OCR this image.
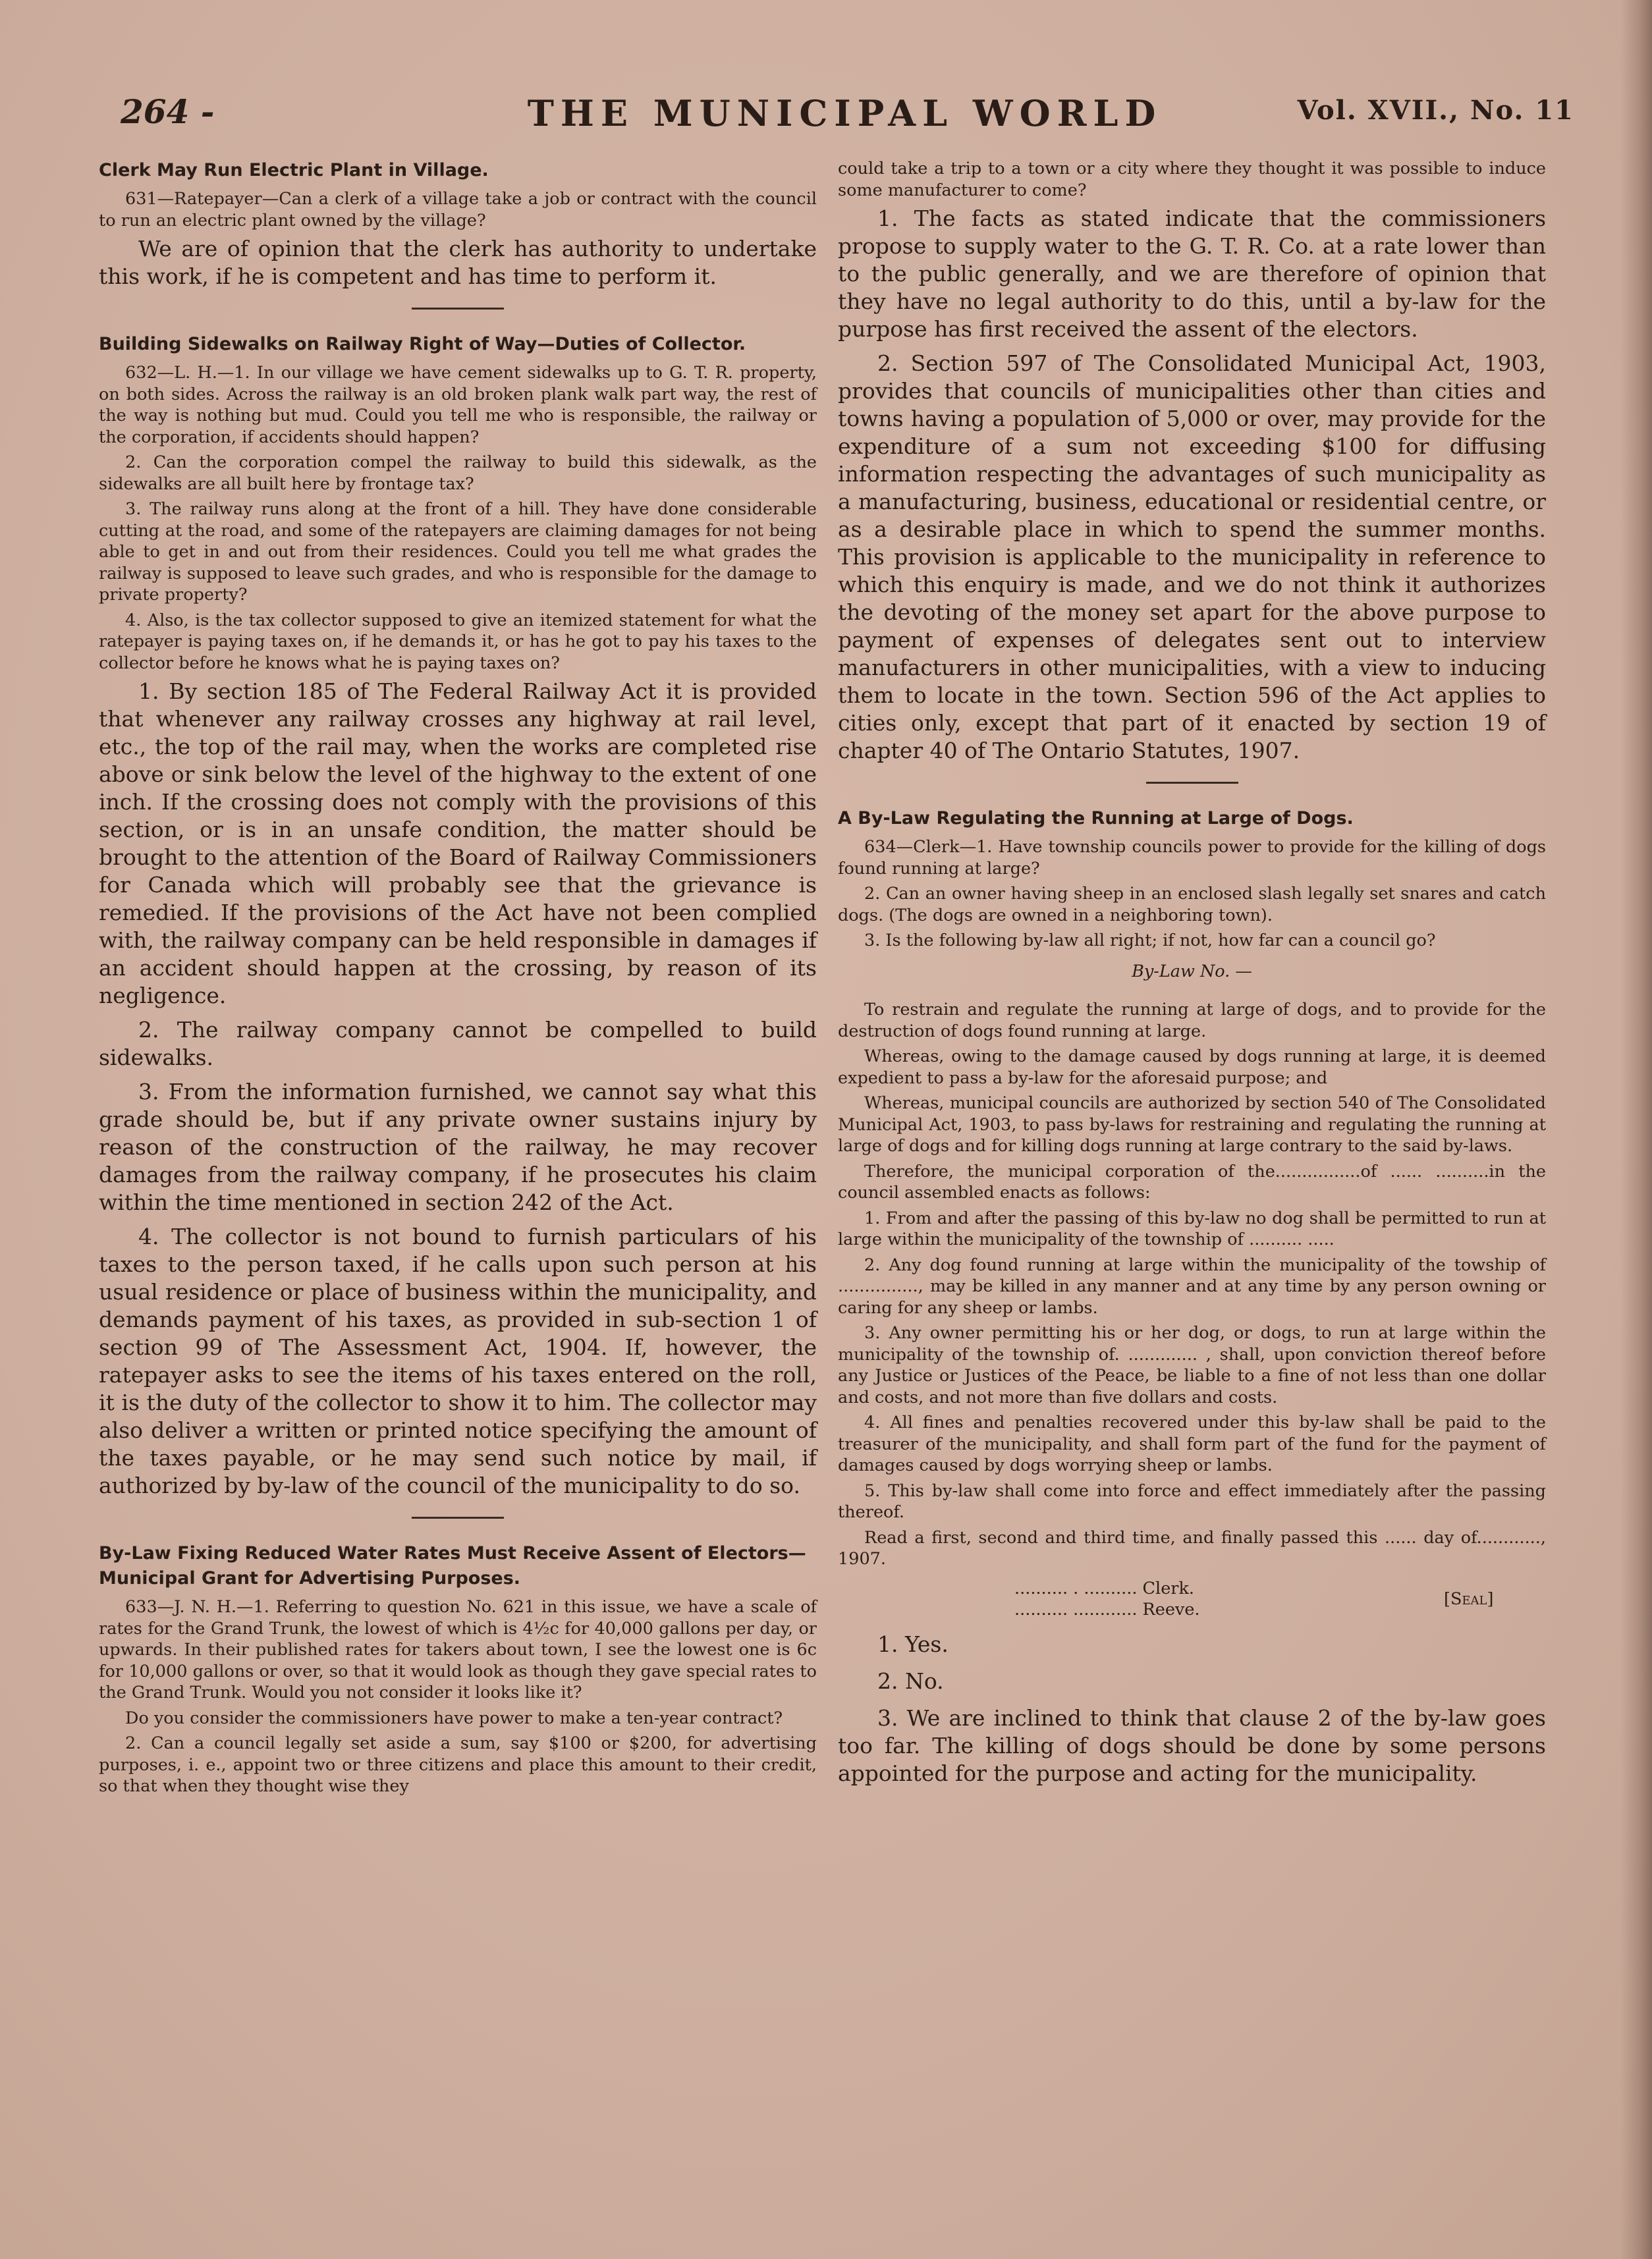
264 -	THE MUNICIPAL WORLD	Vol. XVII., No. 11
Clerk May Run Electric Plant in Village.

631—Ratepayer—Can a clerk of a village take a job or contract with the council to run an electric plant owned by the village?

We are of opinion that the clerk has authority to undertake this work, if he is competent and has time to perform it.

Building Sidewalks on Railway Right of Way—Duties of Collector.

632—L. H.—1. In our village we have cement sidewalks up to G. T. R. property, on both sides. Across the railway is an old broken plank walk part way, the rest of the way is nothing but mud. Could you tell me who is responsible, the railway or the corporation, if accidents should happen?

2. Can the corporation compel the railway to build this sidewalk, as the sidewalks are all built here by frontage tax?

3. The railway runs along at the front of a hill. They have done considerable cutting at the road, and some of the ratepayers are claiming damages for not being able to get in and out from their residences. Could you tell me what grades the railway is supposed to leave such grades, and who is responsible for the damage to private property?

4. Also, is the tax collector supposed to give an itemized statement for what the ratepayer is paying taxes on, if he demands it, or has he got to pay his taxes to the collector before he knows what he is paying taxes on?

1. By section 185 of The Federal Railway Act it is provided that whenever any railway crosses any highway at rail level, etc., the top of the rail may, when the works are completed rise above or sink below the level of the highway to the extent of one inch. If the crossing does not comply with the provisions of this section, or is in an unsafe condition, the matter should be brought to the attention of the Board of Railway Commissioners for Canada which will probably see that the grievance is remedied. If the provisions of the Act have not been complied with, the railway company can be held responsible in damages if an accident should happen at the crossing, by reason of its negligence.

2. The railway company cannot be compelled to build sidewalks.

3. From the information furnished, we cannot say what this grade should be, but if any private owner sustains injury by reason of the construction of the railway, he may recover damages from the railway company, if he prosecutes his claim within the time mentioned in section 242 of the Act.

4. The collector is not bound to furnish particulars of his taxes to the person taxed, if he calls upon such person at his usual residence or place of business within the municipality, and demands payment of his taxes, as provided in sub-section 1 of section 99 of The Assessment Act, 1904. If, however, the ratepayer asks to see the items of his taxes entered on the roll, it is the duty of the collector to show it to him. The collector may also deliver a written or printed notice specifying the amount of the taxes payable, or he may send such notice by mail, if authorized by by-law of the council of the municipality to do so.

By-Law Fixing Reduced Water Rates Must Receive Assent of Electors—Municipal Grant for Advertising Purposes.

633—J. N. H.—1. Referring to question No. 621 in this issue, we have a scale of rates for the Grand Trunk, the lowest of which is 4½c for 40,000 gallons per day, or upwards. In their published rates for takers about town, I see the lowest one is 6c for 10,000 gallons or over, so that it would look as though they gave special rates to the Grand Trunk. Would you not consider it looks like it?

Do you consider the commissioners have power to make a ten-year contract?

2. Can a council legally set aside a sum, say $100 or $200, for advertising purposes, i. e., appoint two or three citizens and place this amount to their credit, so that when they thought wise they

could take a trip to a town or a city where they thought it was possible to induce some manufacturer to come?

1. The facts as stated indicate that the commissioners propose to supply water to the G. T. R. Co. at a rate lower than to the public generally, and we are therefore of opinion that they have no legal authority to do this, until a by-law for the purpose has first received the assent of the electors.

2. Section 597 of The Consolidated Municipal Act, 1903, provides that councils of municipalities other than cities and towns having a population of 5,000 or over, may provide for the expenditure of a sum not exceeding $100 for diffusing information respecting the advantages of such municipality as a manufacturing, business, educational or residential centre, or as a desirable place in which to spend the summer months. This provision is applicable to the municipality in reference to which this enquiry is made, and we do not think it authorizes the devoting of the money set apart for the above purpose to payment of expenses of delegates sent out to interview manufacturers in other municipalities, with a view to inducing them to locate in the town. Section 596 of the Act applies to cities only, except that part of it enacted by section 19 of chapter 40 of The Ontario Statutes, 1907.

A By-Law Regulating the Running at Large of Dogs.

634—Clerk—1. Have township councils power to provide for the killing of dogs found running at large?

2. Can an owner having sheep in an enclosed slash legally set snares and catch dogs. (The dogs are owned in a neighboring town).

3. Is the following by-law all right; if not, how far can a council go?

By-Law No. —

To restrain and regulate the running at large of dogs, and to provide for the destruction of dogs found running at large.

Whereas, owing to the damage caused by dogs running at large, it is deemed expedient to pass a by-law for the aforesaid purpose; and

Whereas, municipal councils are authorized by section 540 of The Consolidated Municipal Act, 1903, to pass by-laws for restraining and regulating the running at large of dogs and for killing dogs running at large contrary to the said by-laws.

Therefore, the municipal corporation of the................of ...... ..........in the council assembled enacts as follows:

1. From and after the passing of this by-law no dog shall be permitted to run at large within the municipality of the township of .......... .....

2. Any dog found running at large within the municipality of the towship of ..............., may be killed in any manner and at any time by any person owning or caring for any sheep or lambs.

3. Any owner permitting his or her dog, or dogs, to run at large within the municipality of the township of. ............. , shall, upon conviction thereof before any Justice or Justices of the Peace, be liable to a fine of not less than one dollar and costs, and not more than five dollars and costs.

4. All fines and penalties recovered under this by-law shall be paid to the treasurer of the municipality, and shall form part of the fund for the payment of damages caused by dogs worrying sheep or lambs.

5. This by-law shall come into force and effect immediately after the passing thereof.

Read a first, second and third time, and finally passed this ...... day of............, 1907.

.......... . .......... Clerk.
.......... ............ Reeve.
[Seal]

1. Yes.

2. No.

3. We are inclined to think that clause 2 of the by-law goes too far. The killing of dogs should be done by some persons appointed for the purpose and acting for the municipality.
